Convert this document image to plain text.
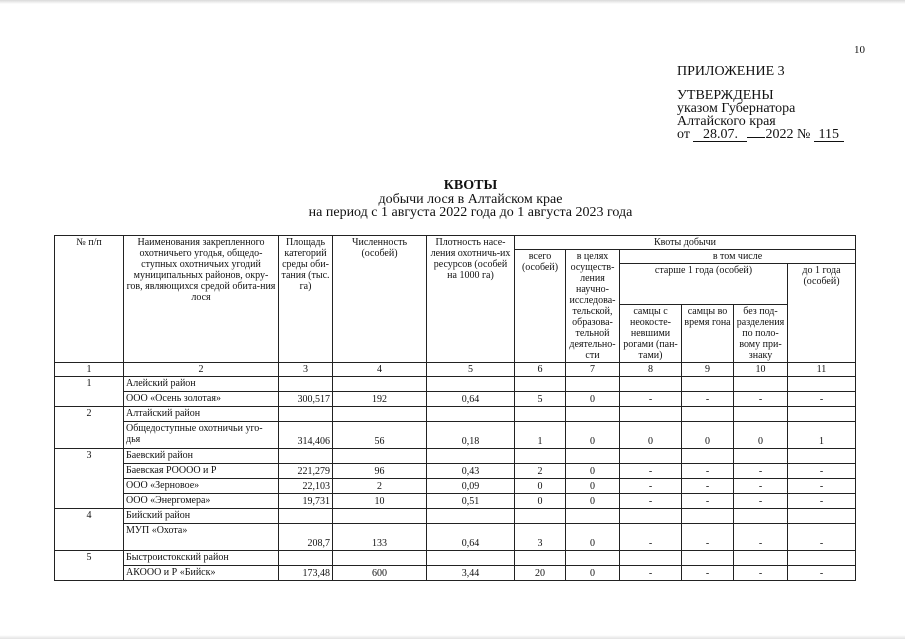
10
ПРИЛОЖЕНИЕ 3
УТВЕРЖДЕНЫ
указом Губернатора
Алтайского края
от 28.07. 2022 № 115
КВОТЫ
добычи лося в Алтайском крае
на период с 1 августа 2022 года до 1 августа 2023 года
№ п/п	Наименования закрепленного охотничьего угодья, общедо-ступных охотничьих угодий муниципальных районов, окру-гов, являющихся средой обита-ния лося	Площадь категорий среды оби-тания (тыс. га)	Численность (особей)	Плотность насе-ления охотничь-их ресурсов (особей на 1000 га)	Квоты добычи					
					всего (особей)	в целях осуществ-ления научно-исследова-тельской, образова-тельной деятельно-сти	в том числе			
							старше 1 года (особей)			до 1 года (особей)
							самцы с неокосте-невшими рогами (пан-тами)	самцы во время гона	без под-разделения по поло-вому при-знаку	
1	2	3	4	5	6	7	8	9	10	11
1	Алейский район									
	ООО «Осень золотая»	300,517	192	0,64	5	0	-	-	-	-
2	Алтайский район									
	Общедоступные охотничьи уго-дья	314,406	56	0,18	1	0	0	0	0	1
3	Баевский район									
	Баевская РОООО и Р	221,279	96	0,43	2	0	-	-	-	-
	ООО «Зерновое»	22,103	2	0,09	0	0	-	-	-	-
	ООО «Энергомера»	19,731	10	0,51	0	0	-	-	-	-
4	Бийский район									
	МУП «Охота»	208,7	133	0,64	3	0	-	-	-	-
5	Быстроистокский район									
	АКОOO и Р «Бийск»	173,48	600	3,44	20	0	-	-	-	-
